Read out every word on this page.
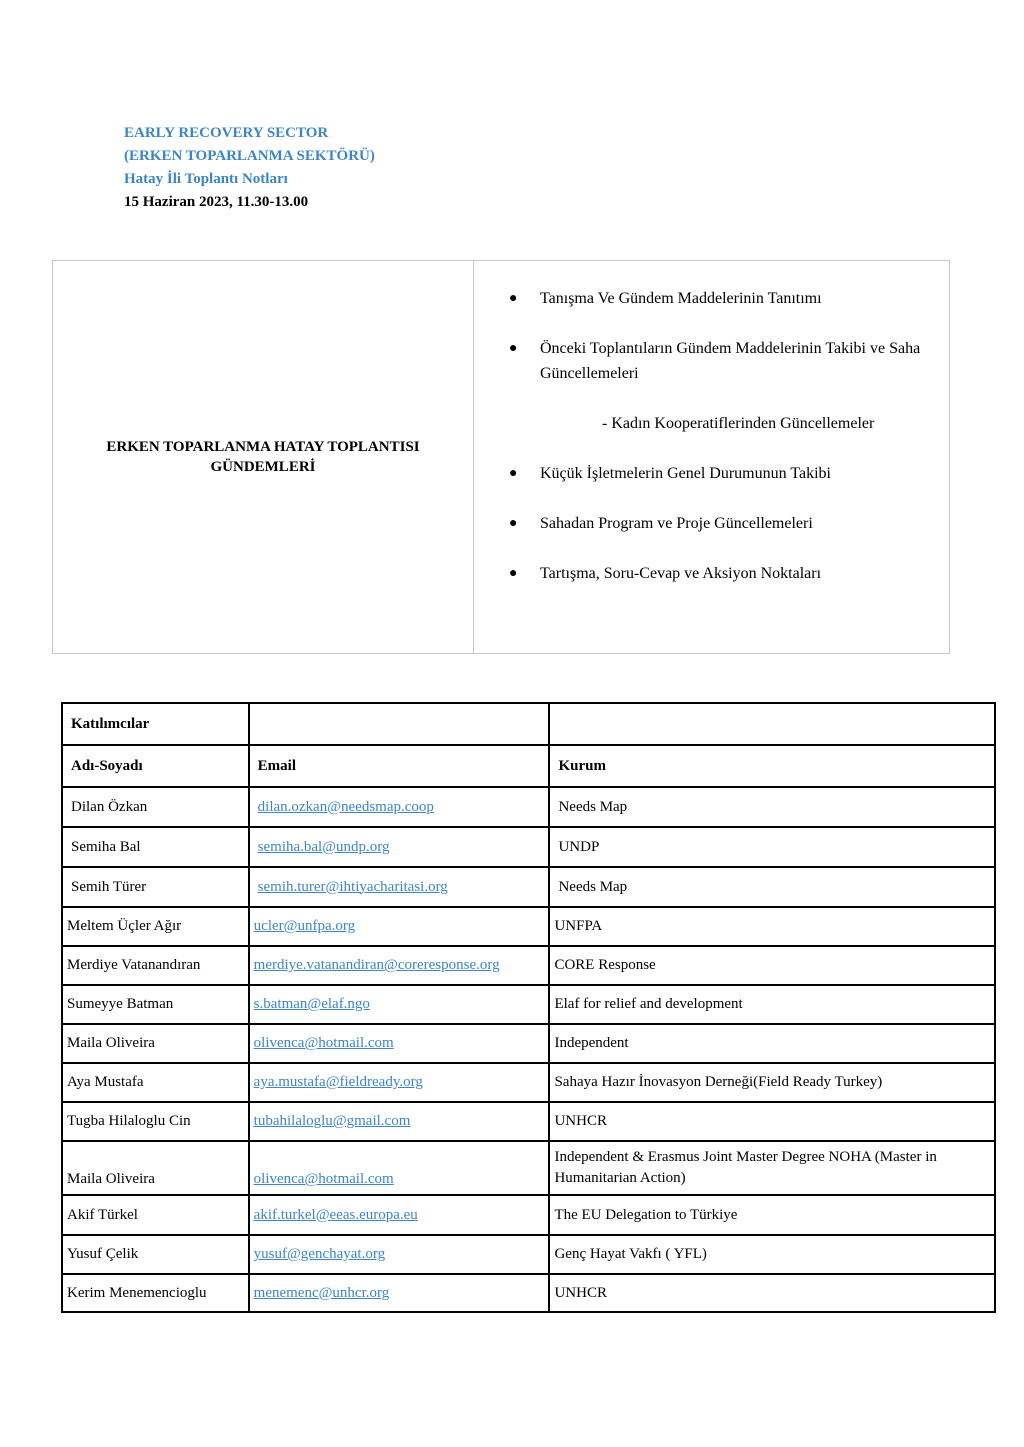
EARLY RECOVERY SECTOR
(ERKEN TOPARLANMA SEKTÖRÜ)
Hatay İli Toplantı Notları
15 Haziran 2023, 11.30-13.00
ERKEN TOPARLANMA HATAY TOPLANTISI GÜNDEMLERİ
● Tanışma Ve Gündem Maddelerinin Tanıtımı
● Önceki Toplantıların Gündem Maddelerinin Takibi ve Saha Güncellemeleri
- Kadın Kooperatiflerinden Güncellemeler
● Küçük İşletmelerin Genel Durumunun Takibi
● Sahadan Program ve Proje Güncellemeleri
● Tartışma, Soru-Cevap ve Aksiyon Noktaları
Katılımcılar		
Adı-Soyadı	Email	Kurum
Dilan Özkan	dilan.ozkan@needsmap.coop	Needs Map
Semiha Bal	semiha.bal@undp.org	UNDP
Semih Türer	semih.turer@ihtiyacharitasi.org	Needs Map
Meltem Üçler Ağır	ucler@unfpa.org	UNFPA
Merdiye Vatanandıran	merdiye.vatanandiran@coreresponse.org	CORE Response
Sumeyye Batman	s.batman@elaf.ngo	Elaf for relief and development
Maila Oliveira	olivenca@hotmail.com	Independent
Aya Mustafa	aya.mustafa@fieldready.org	Sahaya Hazır İnovasyon Derneği(Field Ready Turkey)
Tugba Hilaloglu Cin	tubahilaloglu@gmail.com	UNHCR
Maila Oliveira	olivenca@hotmail.com	Independent & Erasmus Joint Master Degree NOHA (Master in Humanitarian Action)
Akif Türkel	akif.turkel@eeas.europa.eu	The EU Delegation to Türkiye
Yusuf Çelik	yusuf@genchayat.org	Genç Hayat Vakfı ( YFL)
Kerim Menemencioglu	menemenc@unhcr.org	UNHCR
